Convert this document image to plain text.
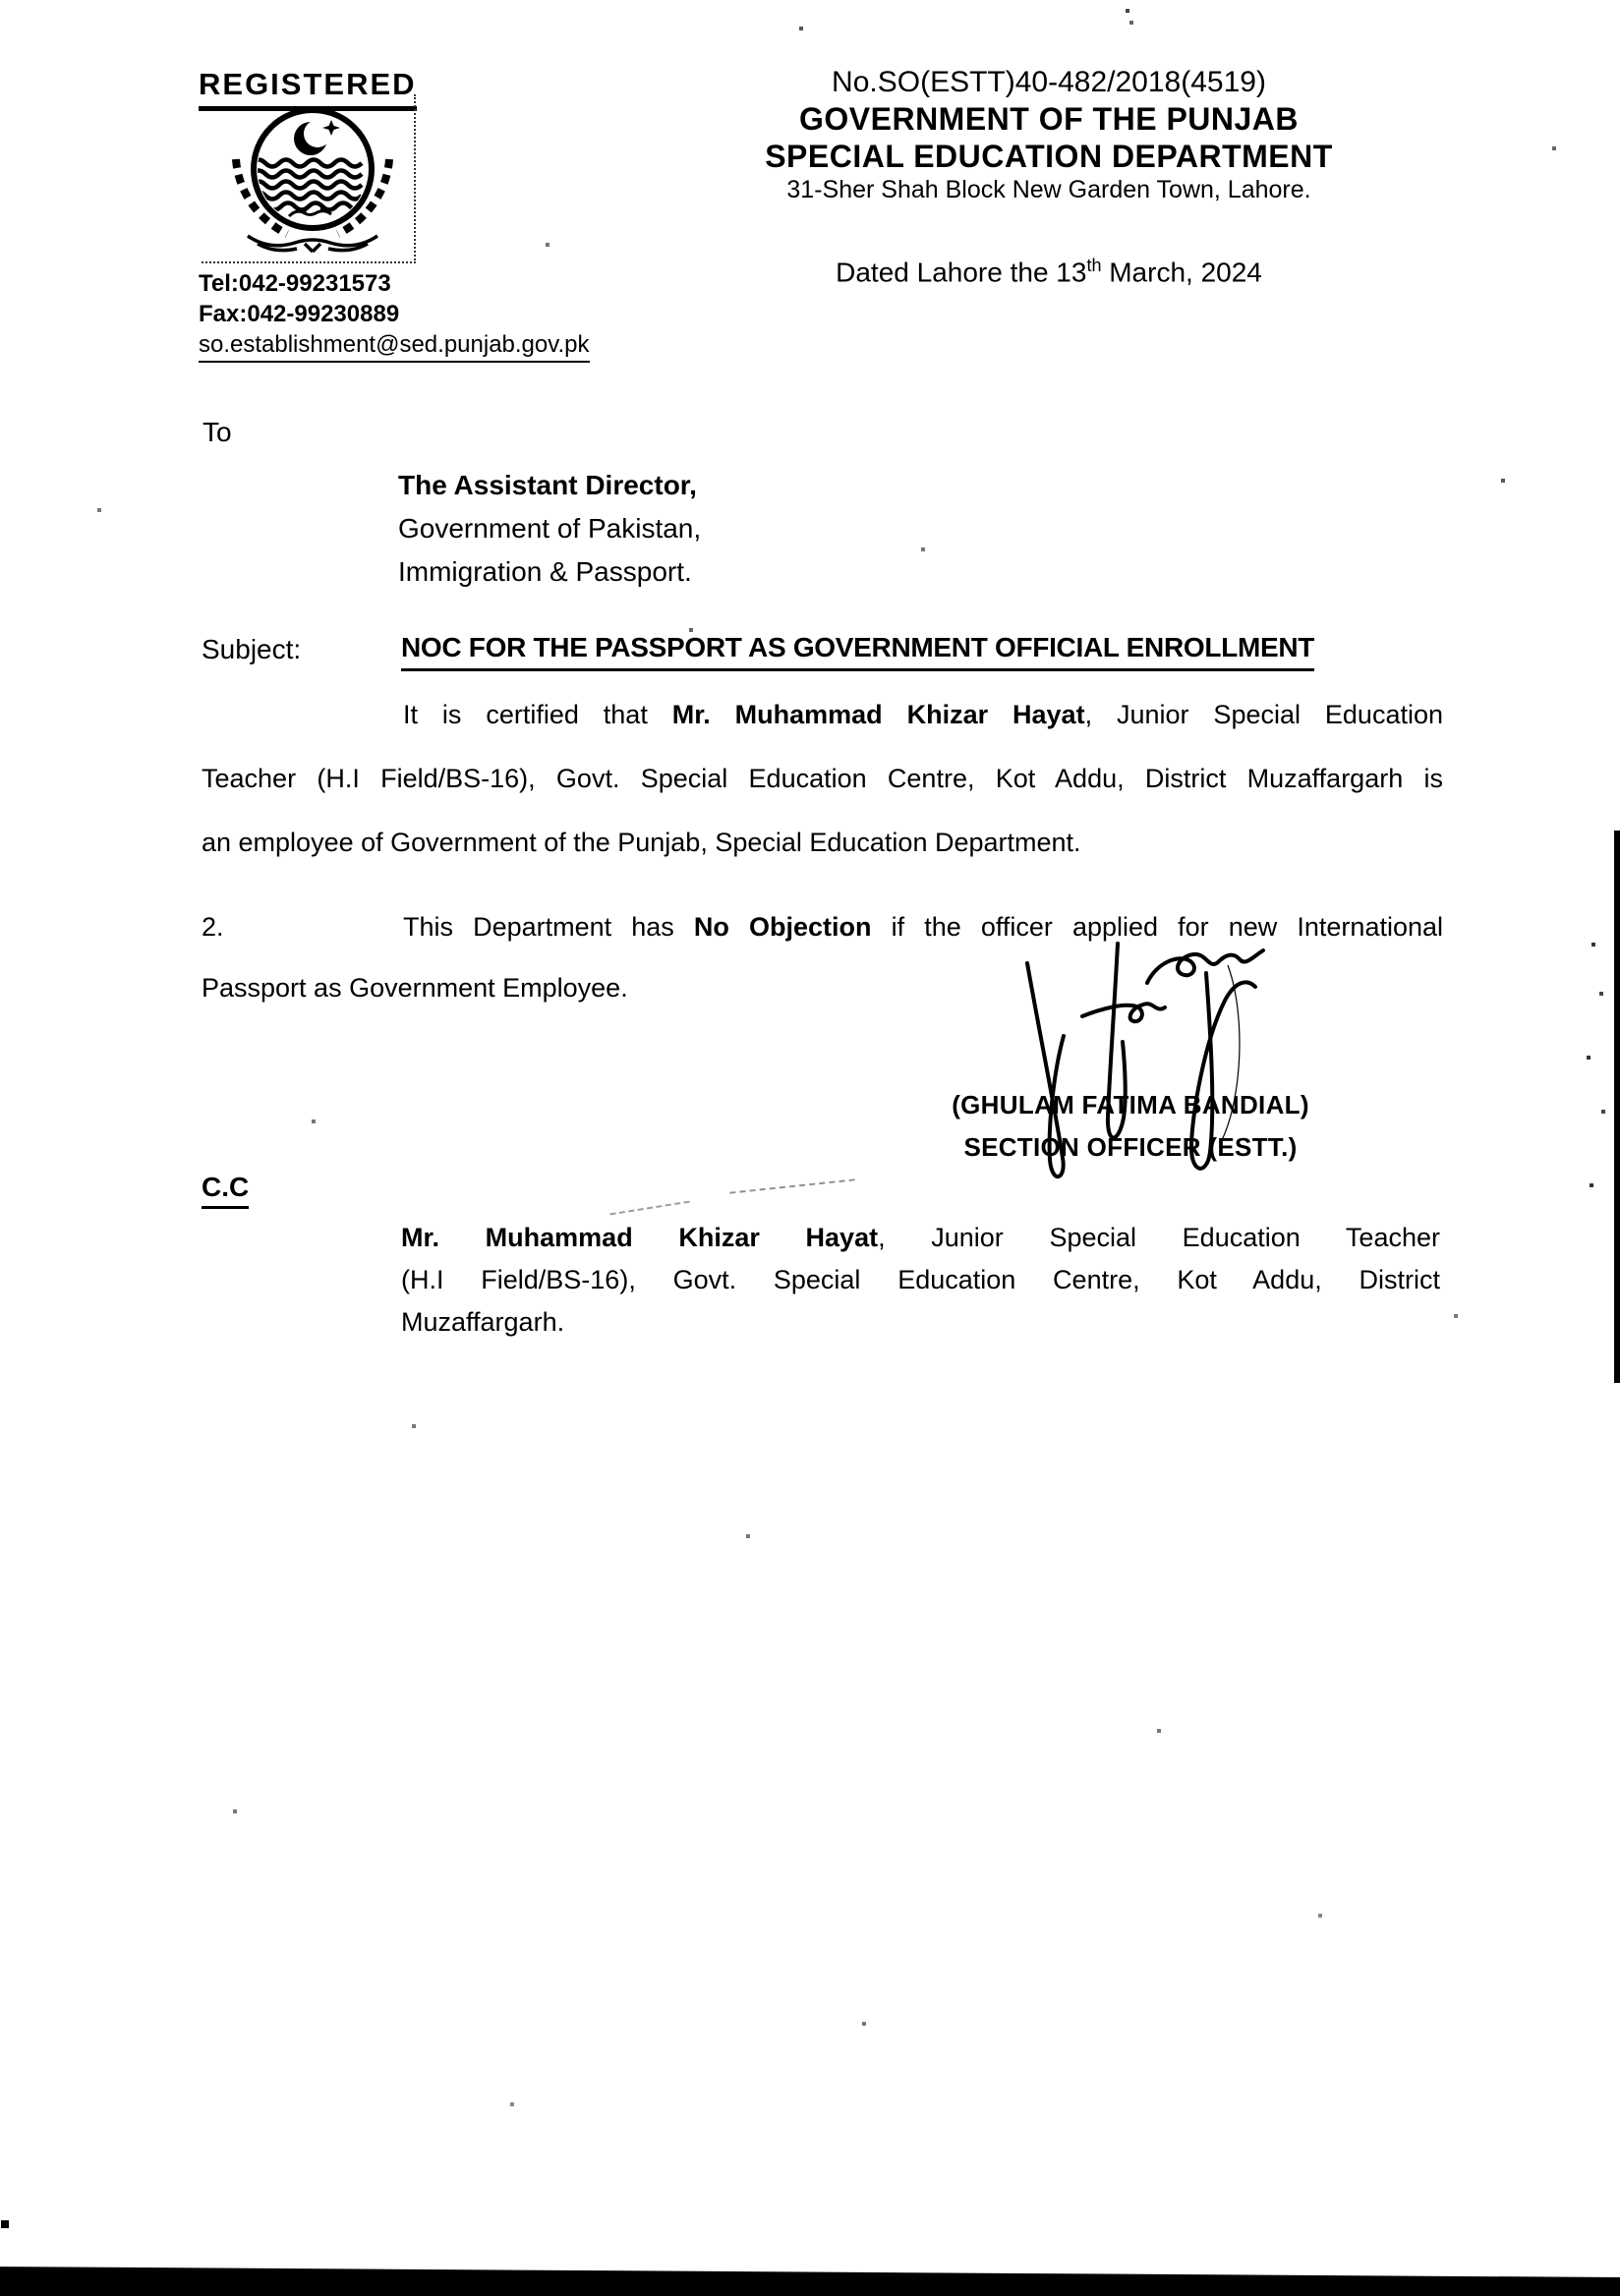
REGISTERED
Tel:042-99231573
Fax:042-99230889
so.establishment@sed.punjab.gov.pk
No.SO(ESTT)40-482/2018(4519)
GOVERNMENT OF THE PUNJAB
SPECIAL EDUCATION DEPARTMENT
31-Sher Shah Block New Garden Town, Lahore.
Dated Lahore the 13th March, 2024
To
The Assistant Director,
Government of Pakistan,
Immigration & Passport.
Subject:	NOC FOR THE PASSPORT AS GOVERNMENT OFFICIAL ENROLLMENT
It is certified that Mr. Muhammad Khizar Hayat, Junior Special Education
Teacher (H.I Field/BS-16), Govt. Special Education Centre, Kot Addu, District Muzaffargarh is
an employee of Government of the Punjab, Special Education Department.
2.	This Department has No Objection if the officer applied for new International
Passport as Government Employee.
(GHULAM FATIMA BANDIAL)
SECTION OFFICER (ESTT.)
C.C
Mr. Muhammad Khizar Hayat, Junior Special Education Teacher
(H.I Field/BS-16), Govt. Special Education Centre, Kot Addu, District
Muzaffargarh.
